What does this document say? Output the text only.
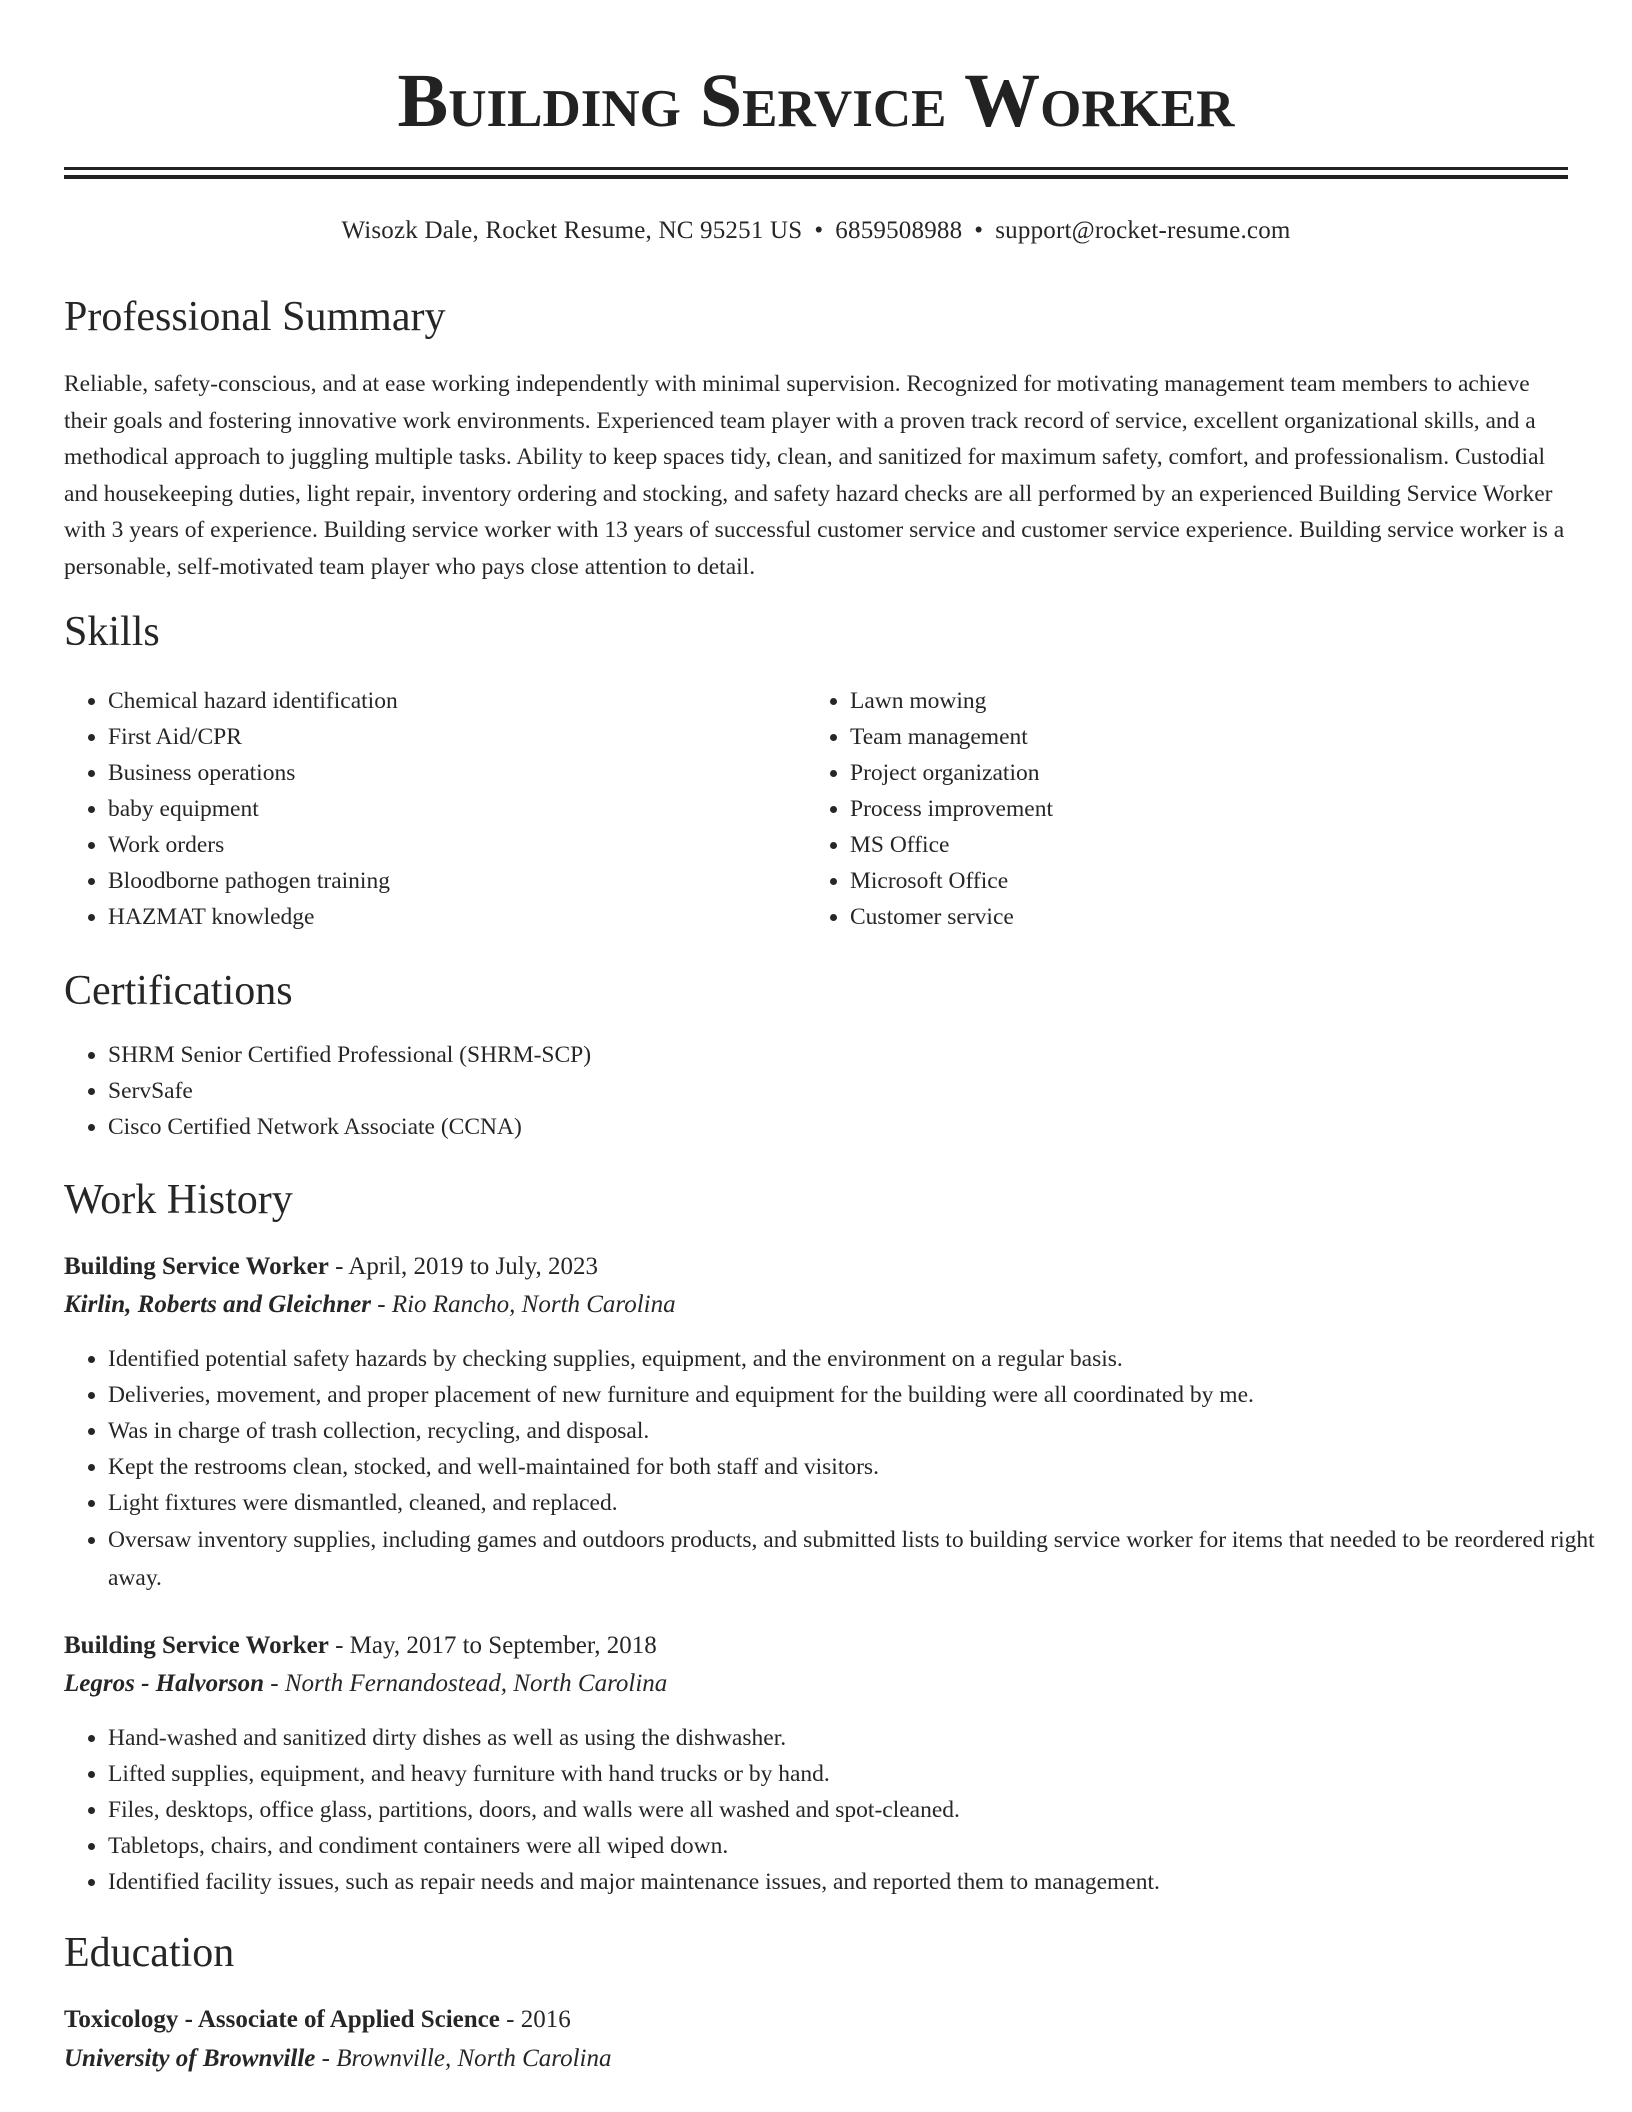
Building Service Worker
Wisozk Dale, Rocket Resume, NC 95251 US • 6859508988 • support@rocket-resume.com
Professional Summary

Reliable, safety-conscious, and at ease working independently with minimal supervision. Recognized for motivating management team members to achieve their goals and fostering innovative work environments. Experienced team player with a proven track record of service, excellent organizational skills, and a methodical approach to juggling multiple tasks. Ability to keep spaces tidy, clean, and sanitized for maximum safety, comfort, and professionalism. Custodial and housekeeping duties, light repair, inventory ordering and stocking, and safety hazard checks are all performed by an experienced Building Service Worker with 3 years of experience. Building service worker with 13 years of successful customer service and customer service experience. Building service worker is a personable, self-motivated team player who pays close attention to detail.

Skills
• Chemical hazard identification
• First Aid/CPR
• Business operations
• baby equipment
• Work orders
• Bloodborne pathogen training
• HAZMAT knowledge
• Lawn mowing
• Team management
• Project organization
• Process improvement
• MS Office
• Microsoft Office
• Customer service
Certifications
• SHRM Senior Certified Professional (SHRM-SCP)
• ServSafe
• Cisco Certified Network Associate (CCNA)
Work History

Building Service Worker - April, 2019 to July, 2023

Kirlin, Roberts and Gleichner - Rio Rancho, North Carolina

• Identified potential safety hazards by checking supplies, equipment, and the environment on a regular basis.
• Deliveries, movement, and proper placement of new furniture and equipment for the building were all coordinated by me.
• Was in charge of trash collection, recycling, and disposal.
• Kept the restrooms clean, stocked, and well-maintained for both staff and visitors.
• Light fixtures were dismantled, cleaned, and replaced.
• Oversaw inventory supplies, including games and outdoors products, and submitted lists to building service worker for items that needed to be reordered right away.

Building Service Worker - May, 2017 to September, 2018

Legros - Halvorson - North Fernandostead, North Carolina

• Hand-washed and sanitized dirty dishes as well as using the dishwasher.
• Lifted supplies, equipment, and heavy furniture with hand trucks or by hand.
• Files, desktops, office glass, partitions, doors, and walls were all washed and spot-cleaned.
• Tabletops, chairs, and condiment containers were all wiped down.
• Identified facility issues, such as repair needs and major maintenance issues, and reported them to management.
Education

Toxicology - Associate of Applied Science - 2016

University of Brownville - Brownville, North Carolina
